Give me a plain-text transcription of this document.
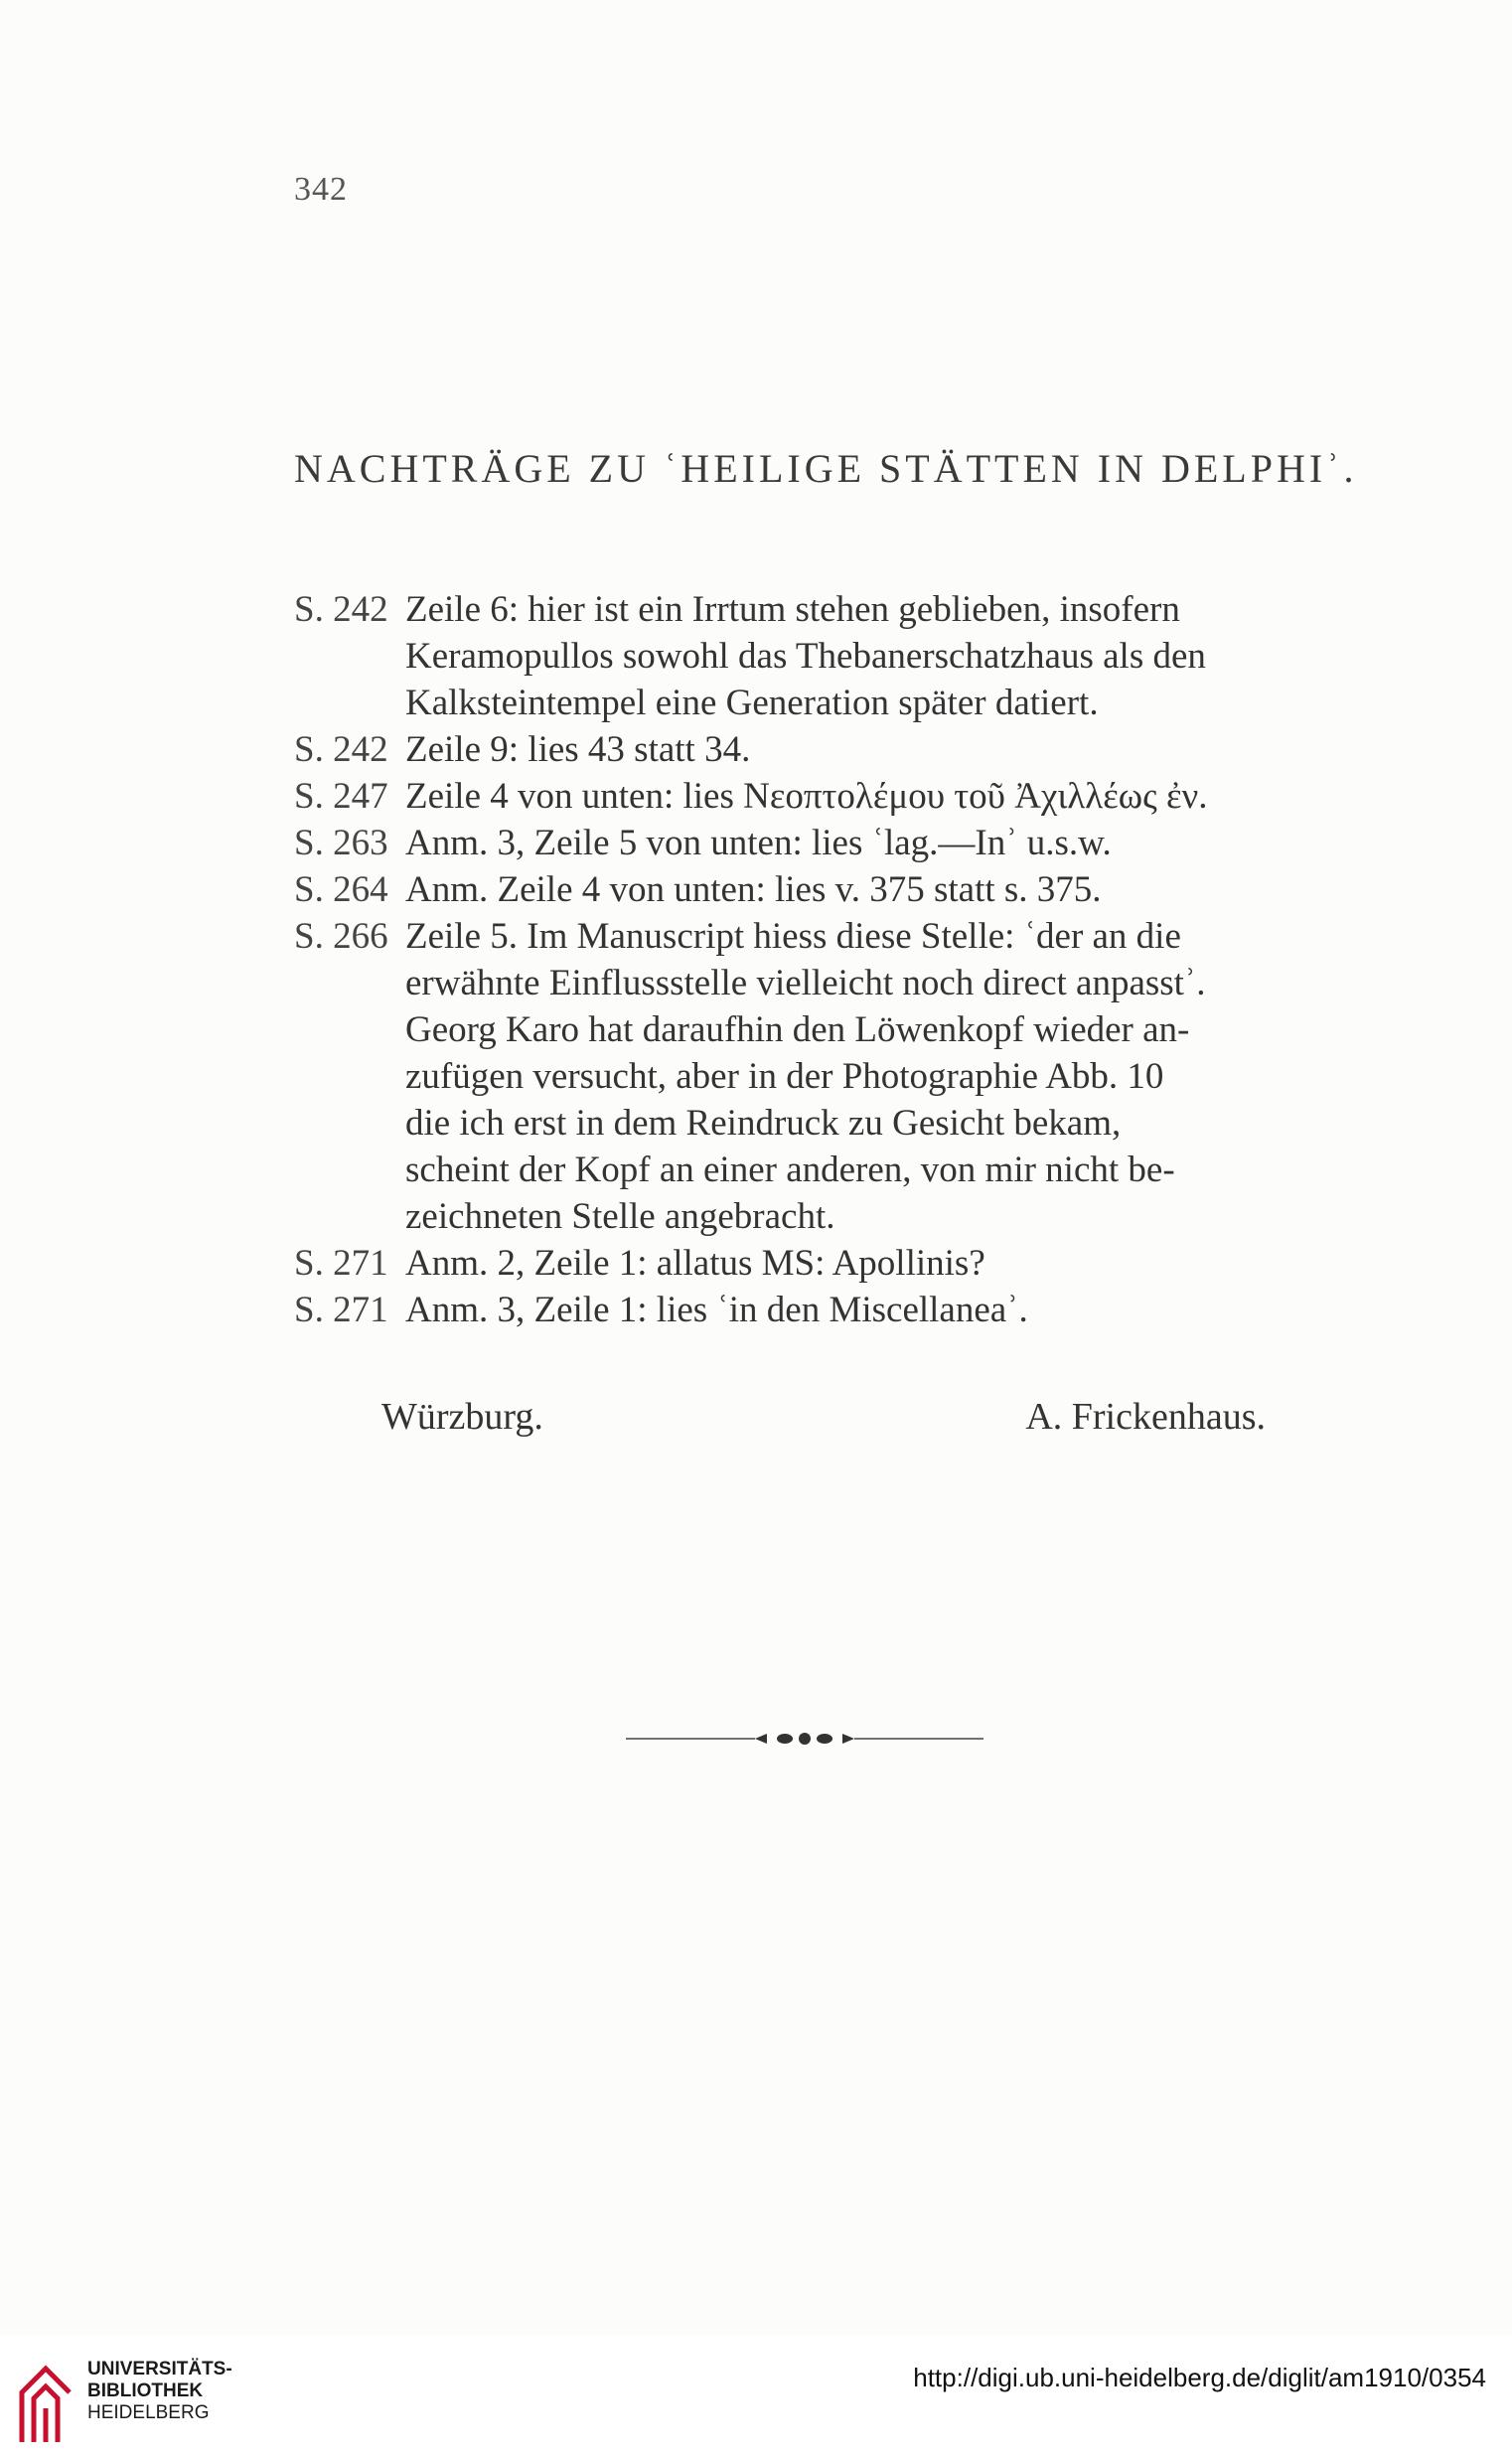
342
NACHTRÄGE ZU ʿHEILIGE STÄTTEN IN DELPHIʾ.
S. 242 Zeile 6: hier ist ein Irrtum stehen geblieben, insofern
Keramopullos sowohl das Thebanerschatzhaus als den
Kalksteintempel eine Generation später datiert.
S. 242 Zeile 9: lies 43 statt 34.
S. 247 Zeile 4 von unten: lies Νεοπτολέμου τοῦ Ἀχιλλέως ἐν.
S. 263 Anm. 3, Zeile 5 von unten: lies ʿlag.—Inʾ u.s.w.
S. 264 Anm. Zeile 4 von unten: lies v. 375 statt s. 375.
S. 266 Zeile 5. Im Manuscript hiess diese Stelle: ʿder an die
erwähnte Einflussstelle vielleicht noch direct anpasstʾ.
Georg Karo hat daraufhin den Löwenkopf wieder an-
zufügen versucht, aber in der Photographie Abb. 10
die ich erst in dem Reindruck zu Gesicht bekam,
scheint der Kopf an einer anderen, von mir nicht be-
zeichneten Stelle angebracht.
S. 271 Anm. 2, Zeile 1: allatus MS: Apollinis?
S. 271 Anm. 3, Zeile 1: lies ʿin den Miscellaneaʾ.
Würzburg.	A. Frickenhaus.
UNIVERSITÄTS-
BIBLIOTHEK
HEIDELBERG
http://digi.ub.uni-heidelberg.de/diglit/am1910/0354
